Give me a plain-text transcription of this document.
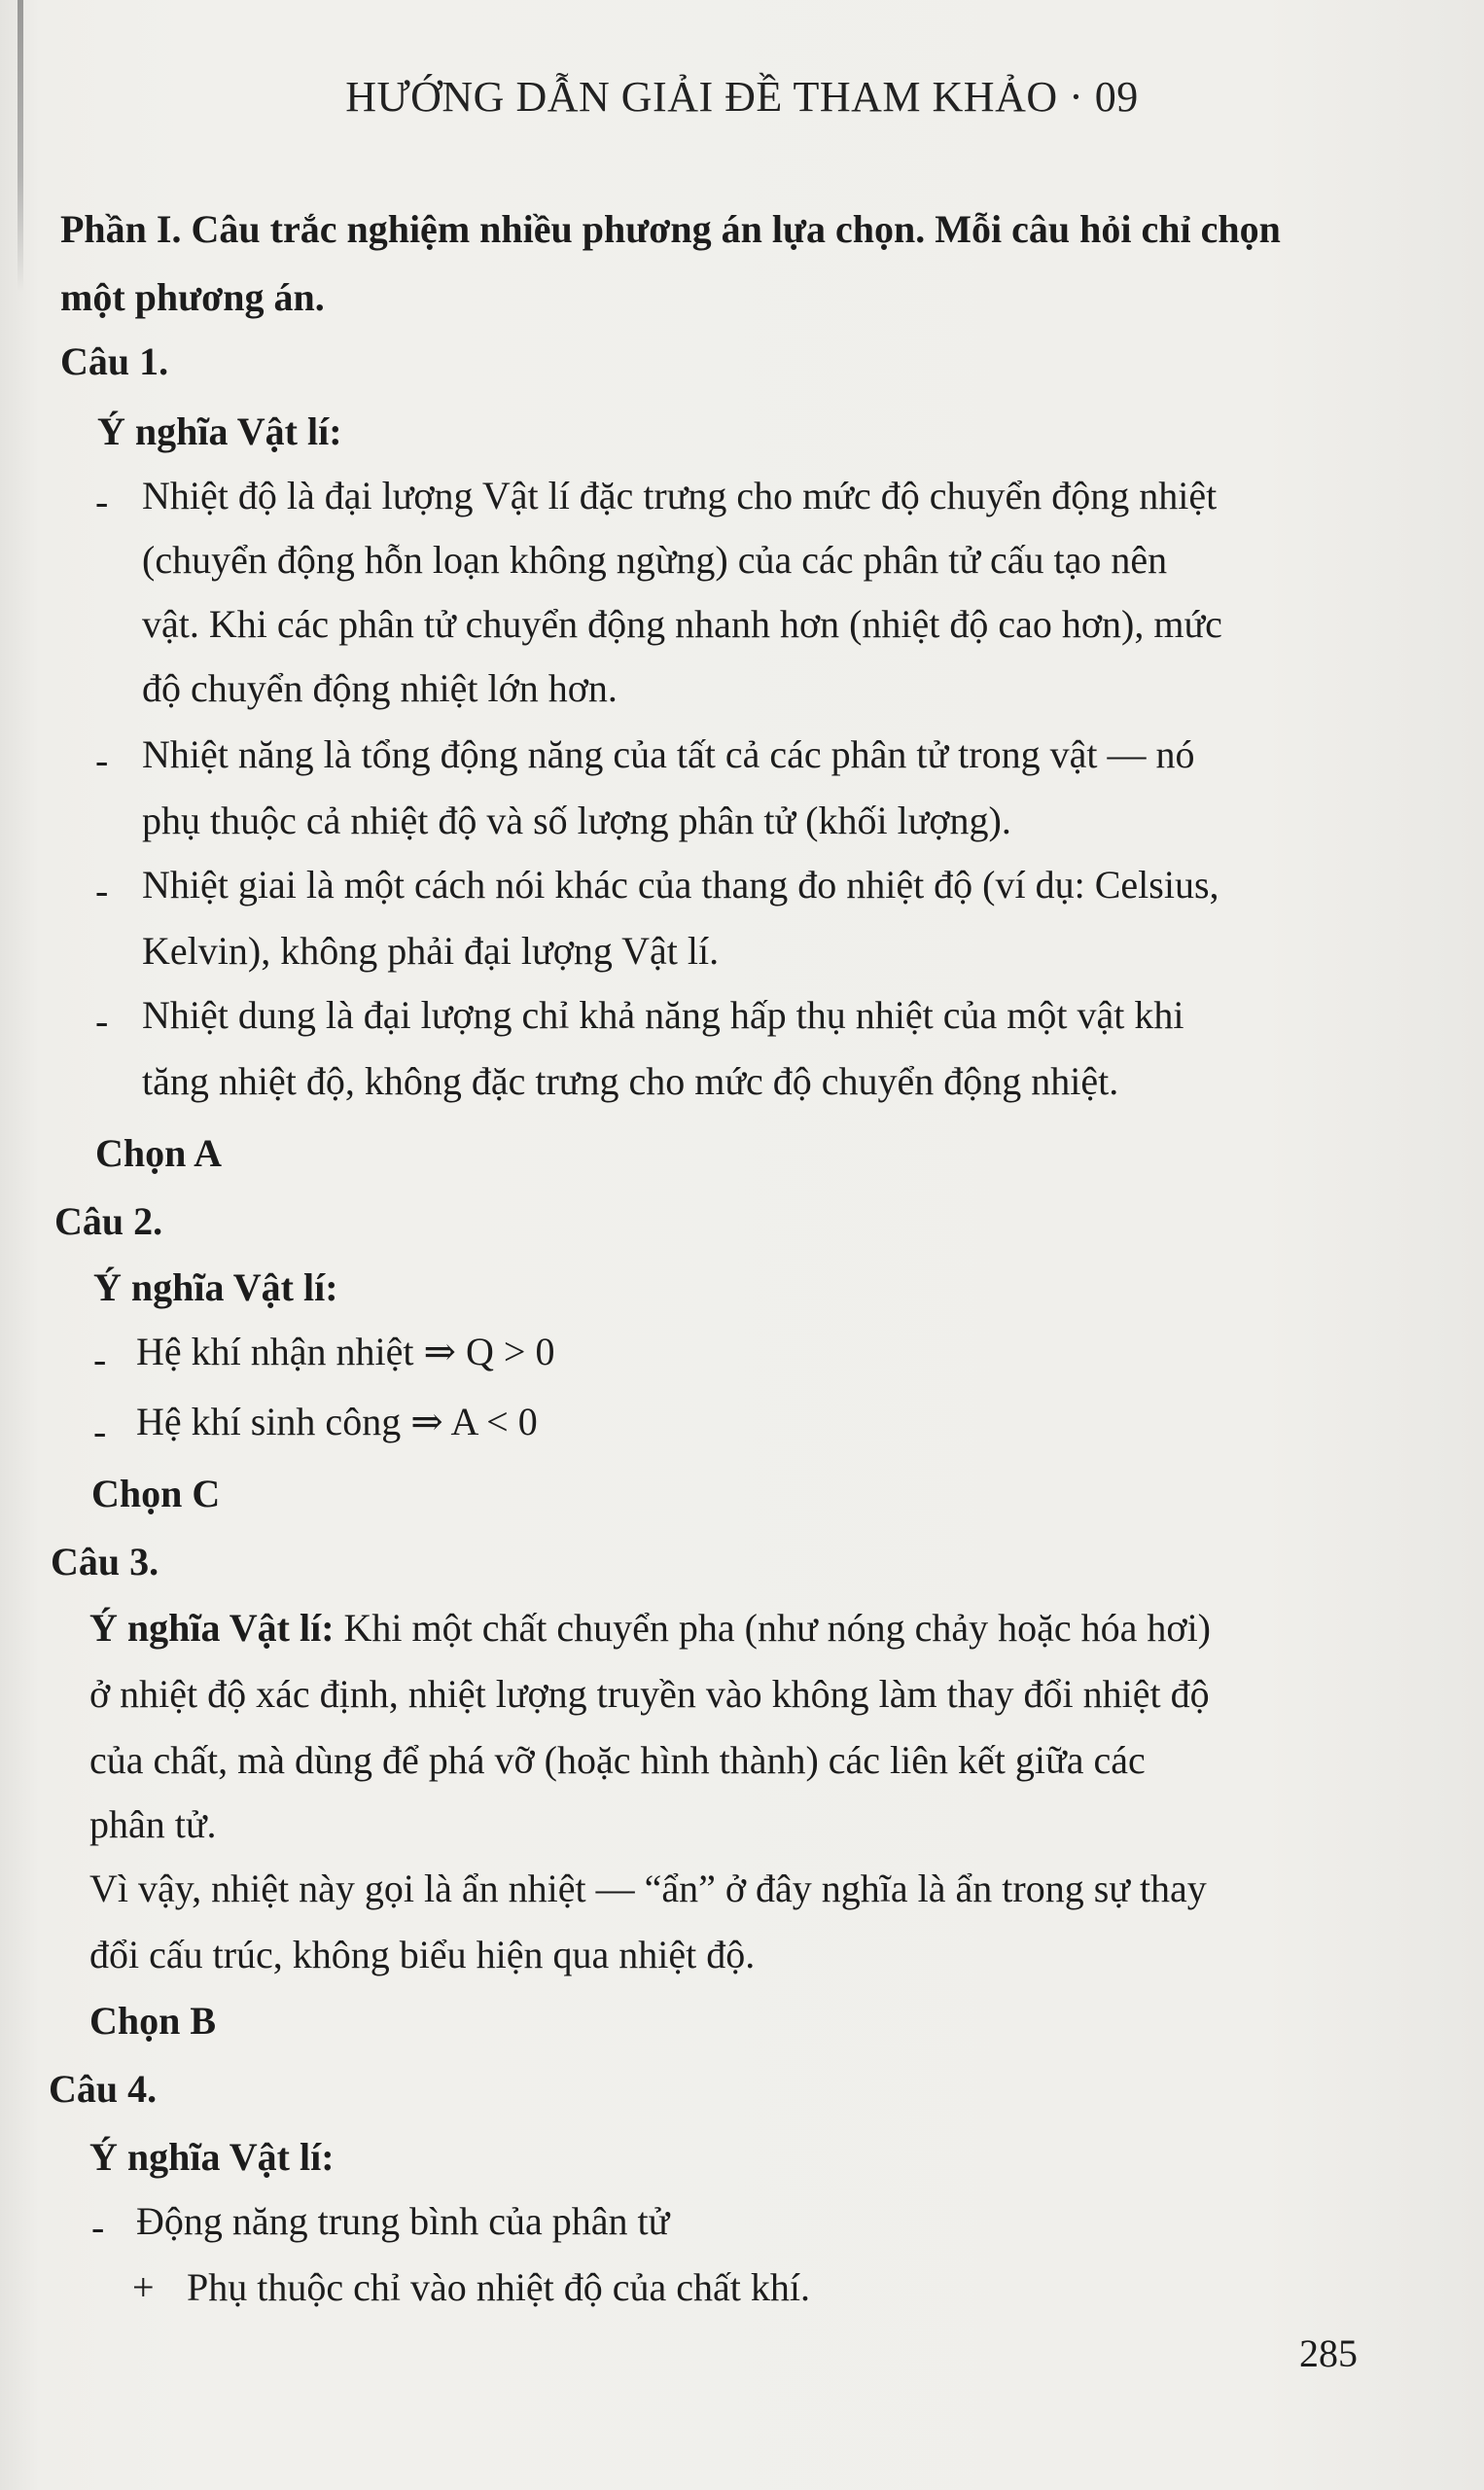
HƯỚNG DẪN GIẢI ĐỀ THAM KHẢO · 09
Phần I. Câu trắc nghiệm nhiều phương án lựa chọn. Mỗi câu hỏi chỉ chọn
một phương án.
Câu 1.
Ý nghĩa Vật lí:
- Nhiệt độ là đại lượng Vật lí đặc trưng cho mức độ chuyển động nhiệt
(chuyển động hỗn loạn không ngừng) của các phân tử cấu tạo nên
vật. Khi các phân tử chuyển động nhanh hơn (nhiệt độ cao hơn), mức
độ chuyển động nhiệt lớn hơn.
- Nhiệt năng là tổng động năng của tất cả các phân tử trong vật — nó
phụ thuộc cả nhiệt độ và số lượng phân tử (khối lượng).
- Nhiệt giai là một cách nói khác của thang đo nhiệt độ (ví dụ: Celsius,
Kelvin), không phải đại lượng Vật lí.
- Nhiệt dung là đại lượng chỉ khả năng hấp thụ nhiệt của một vật khi
tăng nhiệt độ, không đặc trưng cho mức độ chuyển động nhiệt.
Chọn A
Câu 2.
Ý nghĩa Vật lí:
- Hệ khí nhận nhiệt ⇒ Q > 0
- Hệ khí sinh công ⇒ A < 0
Chọn C
Câu 3.
Ý nghĩa Vật lí: Khi một chất chuyển pha (như nóng chảy hoặc hóa hơi)
ở nhiệt độ xác định, nhiệt lượng truyền vào không làm thay đổi nhiệt độ
của chất, mà dùng để phá vỡ (hoặc hình thành) các liên kết giữa các
phân tử.
Vì vậy, nhiệt này gọi là ẩn nhiệt — “ẩn” ở đây nghĩa là ẩn trong sự thay
đổi cấu trúc, không biểu hiện qua nhiệt độ.
Chọn B
Câu 4.
Ý nghĩa Vật lí:
- Động năng trung bình của phân tử
+ Phụ thuộc chỉ vào nhiệt độ của chất khí.
285
